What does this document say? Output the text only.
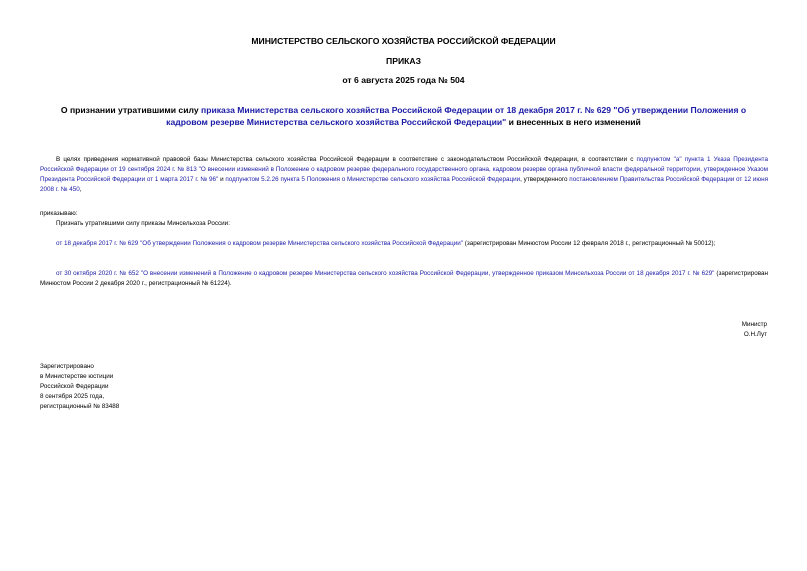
МИНИСТЕРСТВО СЕЛЬСКОГО ХОЗЯЙСТВА РОССИЙСКОЙ ФЕДЕРАЦИИ
ПРИКАЗ
от 6 августа 2025 года № 504
О признании утратившими силу приказа Министерства сельского хозяйства Российской Федерации от 18 декабря 2017 г. № 629 "Об утверждении Положения о кадровом резерве Министерства сельского хозяйства Российской Федерации" и внесенных в него изменений
В целях приведения нормативной правовой базы Министерства сельского хозяйства Российской Федерации в соответствие с законодательством Российской Федерации, в соответствии с подпунктом "а" пункта 1 Указа Президента Российской Федерации от 19 сентября 2024 г. № 813 "О внесении изменений в Положение о кадровом резерве федерального государственного органа, кадровом резерве органа публичной власти федеральной территории, утвержденное Указом Президента Российской Федерации от 1 марта 2017 г. № 96" и подпунктом 5.2.26 пункта 5 Положения о Министерстве сельского хозяйства Российской Федерации, утвержденного постановлением Правительства Российской Федерации от 12 июня 2008 г. № 450,
приказываю:
Признать утратившими силу приказы Минсельхоза России:
от 18 декабря 2017 г. № 629 "Об утверждении Положения о кадровом резерве Министерства сельского хозяйства Российской Федерации" (зарегистрирован Минюстом России 12 февраля 2018 г., регистрационный № 50012);
от 30 октября 2020 г. № 652 "О внесении изменений в Положение о кадровом резерве Министерства сельского хозяйства Российской Федерации, утвержденное приказом Минсельхоза России от 18 декабря 2017 г. № 629" (зарегистрирован Минюстом России 2 декабря 2020 г., регистрационный № 61224).
Министр
О.Н.Лут
Зарегистрировано
в Министерстве юстиции
Российской Федерации
8 сентября 2025 года,
регистрационный № 83488
